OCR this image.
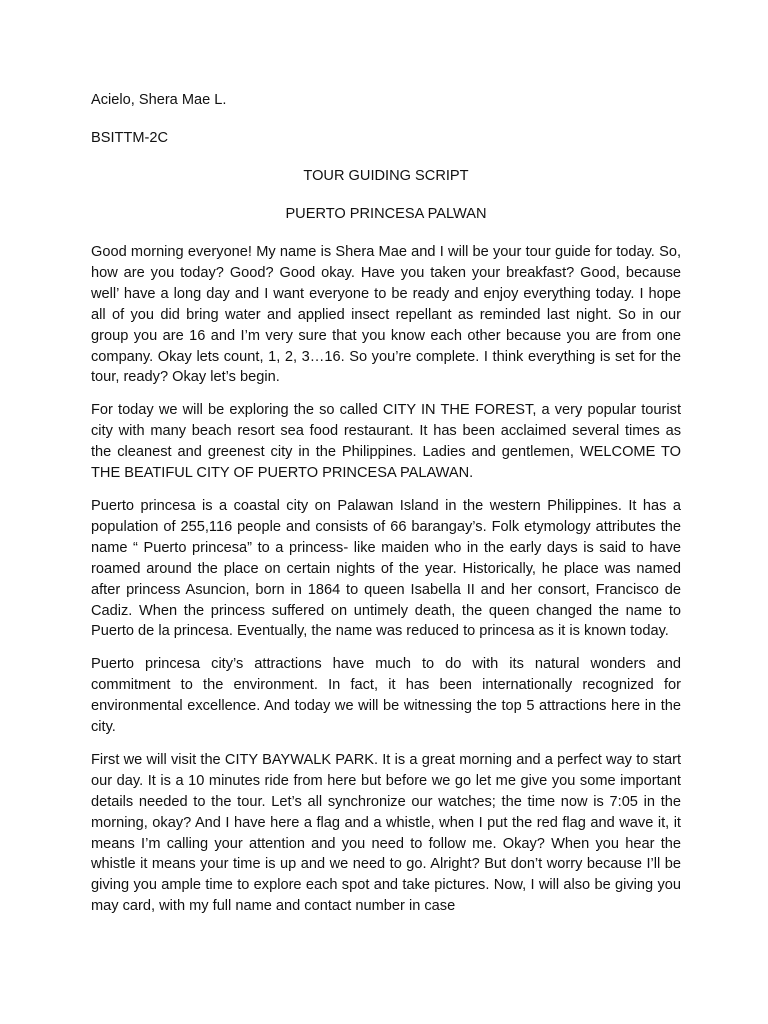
Acielo, Shera Mae L.
BSITTM-2C
TOUR GUIDING SCRIPT
PUERTO PRINCESA PALWAN

Good morning everyone! My name is Shera Mae and I will be your tour guide for today. So, how are you today? Good? Good okay. Have you taken your breakfast? Good, because well’ have a long day and I want everyone to be ready and enjoy everything today. I hope all of you did bring water and applied insect repellant as reminded last night. So in our group you are 16 and I’m very sure that you know each other because you are from one company. Okay lets count, 1, 2, 3…16. So you’re complete. I think everything is set for the tour, ready? Okay let’s begin.

For today we will be exploring the so called CITY IN THE FOREST, a very popular tourist city with many beach resort sea food restaurant. It has been acclaimed several times as the cleanest and greenest city in the Philippines. Ladies and gentlemen, WELCOME TO THE BEATIFUL CITY OF PUERTO PRINCESA PALAWAN.

Puerto princesa is a coastal city on Palawan Island in the western Philippines. It has a population of 255,116 people and consists of 66 barangay’s. Folk etymology attributes the name “ Puerto princesa” to a princess- like maiden who in the early days is said to have roamed around the place on certain nights of the year. Historically, he place was named after princess Asuncion, born in 1864 to queen Isabella II and her consort, Francisco de Cadiz. When the princess suffered on untimely death, the queen changed the name to Puerto de la princesa. Eventually, the name was reduced to princesa as it is known today.

Puerto princesa city’s attractions have much to do with its natural wonders and commitment to the environment. In fact, it has been internationally recognized for environmental excellence. And today we will be witnessing the top 5 attractions here in the city.

First we will visit the CITY BAYWALK PARK. It is a great morning and a perfect way to start our day. It is a 10 minutes ride from here but before we go let me give you some important details needed to the tour. Let’s all synchronize our watches; the time now is 7:05 in the morning, okay? And I have here a flag and a whistle, when I put the red flag and wave it, it means I’m calling your attention and you need to follow me. Okay? When you hear the whistle it means your time is up and we need to go. Alright? But don’t worry because I’ll be giving you ample time to explore each spot and take pictures. Now, I will also be giving you may card, with my full name and contact number in case
